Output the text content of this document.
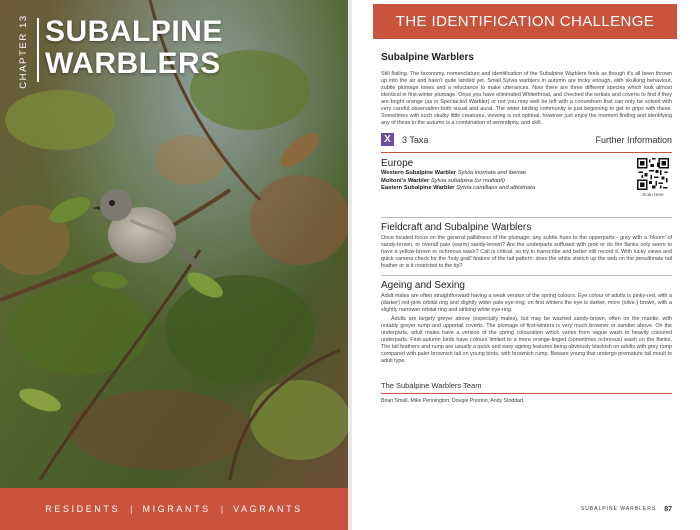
CHAPTER 13 SUBALPINE
WARBLERS
RESIDENTS | MIGRANTS | VAGRANTS
THE IDENTIFICATION CHALLENGE
Subalpine Warblers

Still flailing. The taxonomy, nomenclature and identification of the Subalpine Warblers feels as though it's all been thrown up into the air and hasn't quite landed yet. Small Sylvia warblers in autumn are tricky enough, with skulking behaviour, subtle plumage tones and a reluctance to make utterances. Now there are three different species which look almost identical in first-winter plumage. Once you have eliminated Whitethroat, and checked the tertials and coverts to find if they are bright orange (as in Spectacled Warbler) or not you may well be left with a conundrum that can only be solved with very careful observation-both visual and aural. The wider birding community is just beginning to get to grips with these. Sometimes with such skulky little creatures, viewing is not optimal, however just enjoy the moment finding and identifying any of these in the autumn is a combination of serendipity, and skill.

X	3 Taxa	Further Information
Europe
Western Subalpine Warbler Sylvia inornata and iberiae
Moltoni's Warbler Sylvia subalpina (or moltonii)
Eastern Subalpine Warbler Sylvia cantillans and albistriata
Scan Here
Fieldcraft and Subalpine Warblers

Once located focus on the general pallidness of the plumage; any subtle hues to the upperparts - grey with a 'bloom' of sandy-brown, or overall pale (warm) sandy-brown? Are the underparts suffused with pink or do the flanks only seem to have a yellow-brown or ochreous wash? Call is critical, so try to transcribe and better still record it. With lucky views and quick camera check for the 'holy grail' feature of the tail pattern: does the white stretch up the web on the penultimate tail feather or is it restricted to the tip?

Ageing and Sexing

Adult males are often straightforward having a weak version of the spring colours. Eye colour of adults is pinky-red, with a (darker) red-pink orbital ring and slightly wider pale eye-ring; on first winters the eye is darker, more (olive-) brown, with a slightly narrower orbital ring and striking white eye-ring.

Adults are largely greyer above (especially males), but may be washed sandy-brown, often on the mantle, with notably greyer rump and uppertail coverts. The plumage of first-winters is very much browner or sandier above. On the underparts, adult males have a version of the spring colouration which varies from vague wash to heavily coloured underparts. First-autumn birds have colours limited to a more orange-tinged (sometimes ochreous) wash on the flanks. The tail feathers and rump are usually a quick and easy ageing features being obviously blackish on adults with grey rump compared with paler brownish tail on young birds, with brownish rump. Beware young that undergo premature tail moult to adult type.

The Subalpine Warblers Team
Brian Small, Mike Pennington, Dougie Preston, Andy Stoddart.
SUBALPINE WARBLERS 87
